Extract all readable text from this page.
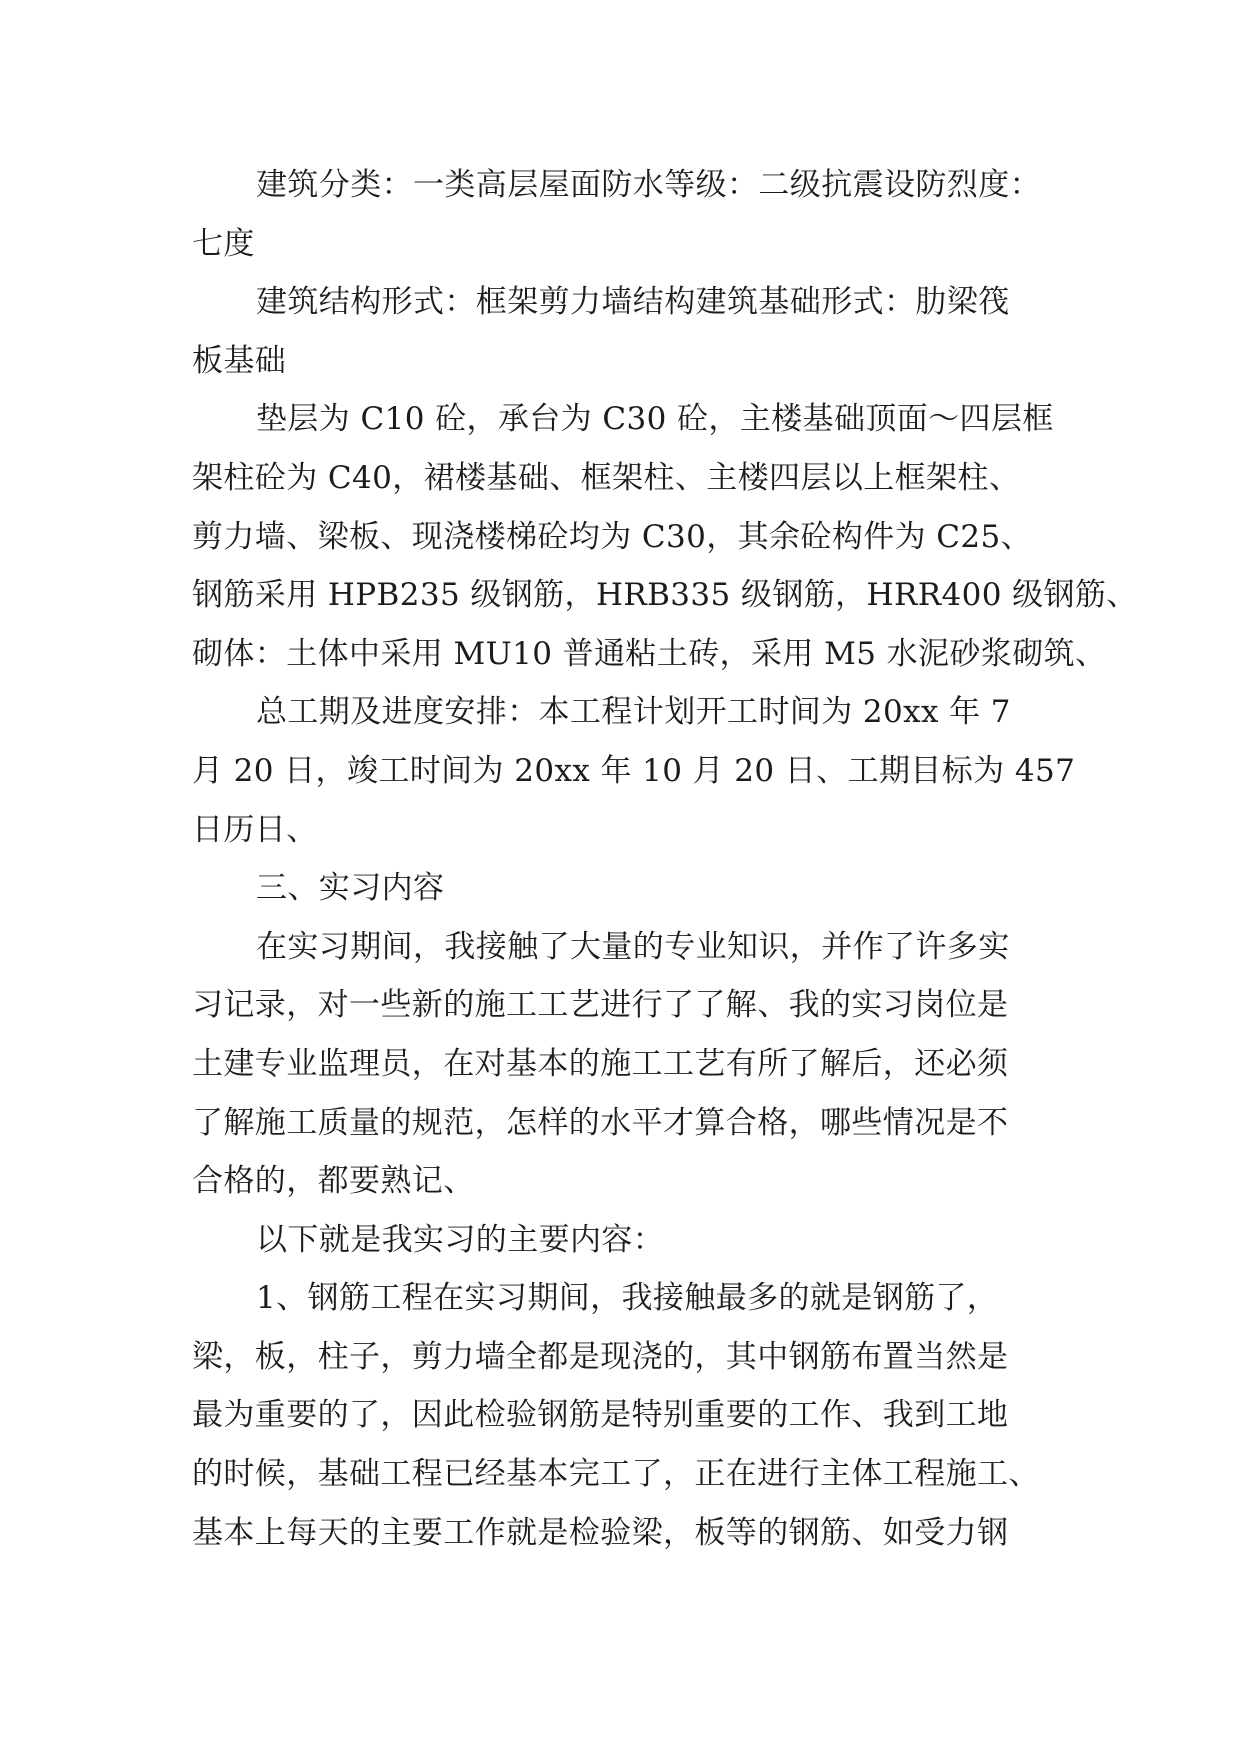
建筑分类：一类高层屋面防水等级：二级抗震设防烈度：
七度
建筑结构形式：框架剪力墙结构建筑基础形式：肋梁筏
板基础
垫层为 C10 砼，承台为 C30 砼，主楼基础顶面～四层框
架柱砼为 C40，裙楼基础、框架柱、主楼四层以上框架柱、
剪力墙、梁板、现浇楼梯砼均为 C30，其余砼构件为 C25、
钢筋采用 HPB235 级钢筋，HRB335 级钢筋，HRR400 级钢筋、
砌体：土体中采用 MU10 普通粘土砖，采用 M5 水泥砂浆砌筑、
总工期及进度安排：本工程计划开工时间为 20xx 年 7
月 20 日，竣工时间为 20xx 年 10 月 20 日、工期目标为 457
日历日、
三、实习内容
在实习期间，我接触了大量的专业知识，并作了许多实
习记录，对一些新的施工工艺进行了了解、我的实习岗位是
土建专业监理员，在对基本的施工工艺有所了解后，还必须
了解施工质量的规范，怎样的水平才算合格，哪些情况是不
合格的，都要熟记、
以下就是我实习的主要内容：
1、钢筋工程在实习期间，我接触最多的就是钢筋了，
梁，板，柱子，剪力墙全都是现浇的，其中钢筋布置当然是
最为重要的了，因此检验钢筋是特别重要的工作、我到工地
的时候，基础工程已经基本完工了，正在进行主体工程施工、
基本上每天的主要工作就是检验梁，板等的钢筋、如受力钢
